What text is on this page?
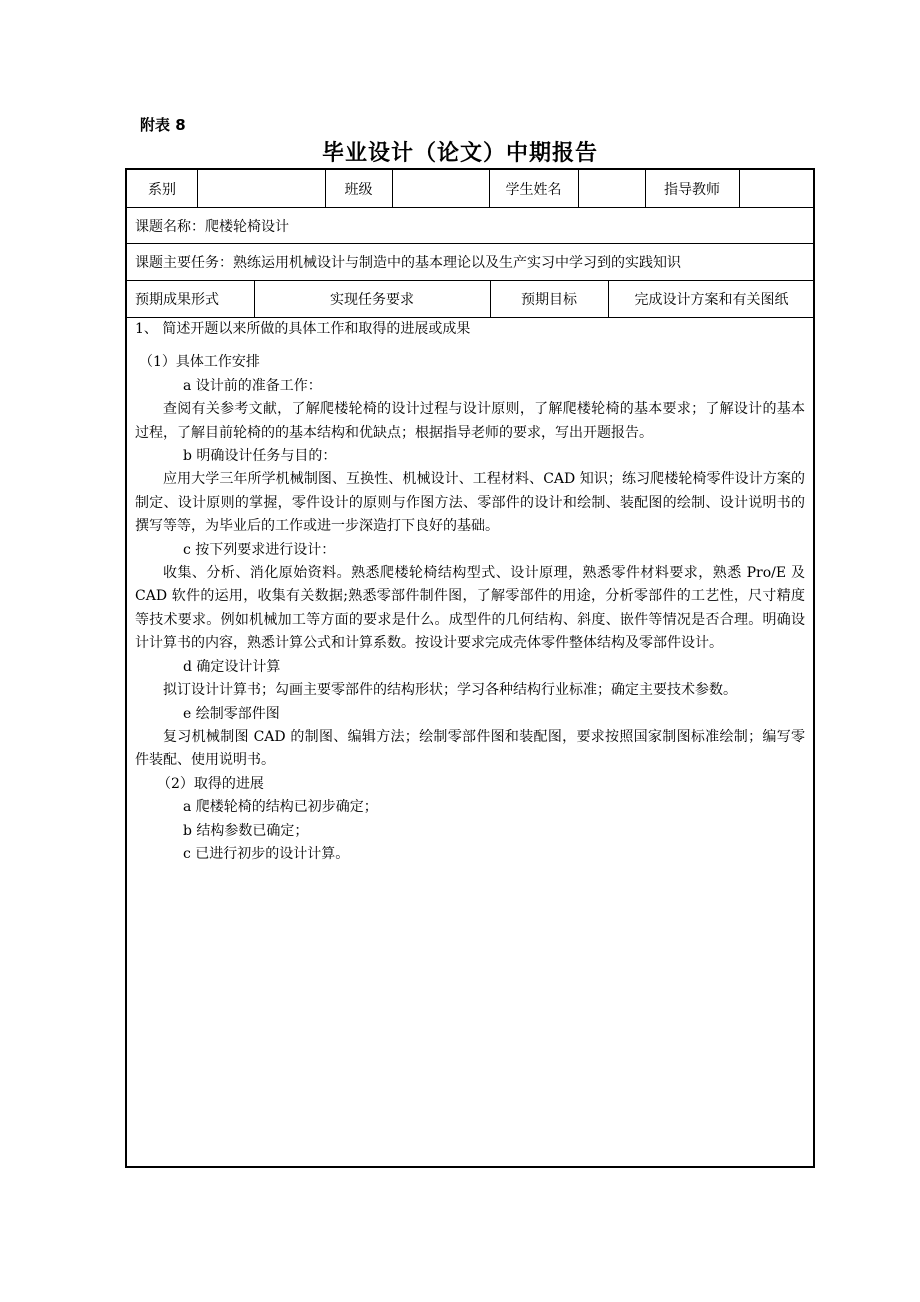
附表 8
毕业设计（论文）中期报告
系别	班级	学生姓名	指导教师
课题名称：爬楼轮椅设计
课题主要任务：熟练运用机械设计与制造中的基本理论以及生产实习中学习到的实践知识
预期成果形式	实现任务要求	预期目标	完成设计方案和有关图纸

1、 简述开题以来所做的具体工作和取得的进展或成果

（1）具体工作安排

a 设计前的准备工作：

查阅有关参考文献，了解爬楼轮椅的设计过程与设计原则，了解爬楼轮椅的基本要求；了解设计的基本过程，了解目前轮椅的的基本结构和优缺点；根据指导老师的要求，写出开题报告。

b 明确设计任务与目的：

应用大学三年所学机械制图、互换性、机械设计、工程材料、CAD 知识；练习爬楼轮椅零件设计方案的制定、设计原则的掌握，零件设计的原则与作图方法、零部件的设计和绘制、装配图的绘制、设计说明书的撰写等等，为毕业后的工作或进一步深造打下良好的基础。

c 按下列要求进行设计：

收集、分析、消化原始资料。熟悉爬楼轮椅结构型式、设计原理，熟悉零件材料要求，熟悉 Pro/E 及 CAD 软件的运用，收集有关数据;熟悉零部件制件图，了解零部件的用途，分析零部件的工艺性，尺寸精度等技术要求。例如机械加工等方面的要求是什么。成型件的几何结构、斜度、嵌件等情况是否合理。明确设计计算书的内容，熟悉计算公式和计算系数。按设计要求完成壳体零件整体结构及零部件设计。

d 确定设计计算

拟订设计计算书；勾画主要零部件的结构形状；学习各种结构行业标准；确定主要技术参数。

e 绘制零部件图

复习机械制图 CAD 的制图、编辑方法；绘制零部件图和装配图，要求按照国家制图标准绘制；编写零件装配、使用说明书。

（2）取得的进展

a 爬楼轮椅的结构已初步确定；

b 结构参数已确定；

c 已进行初步的设计计算。
